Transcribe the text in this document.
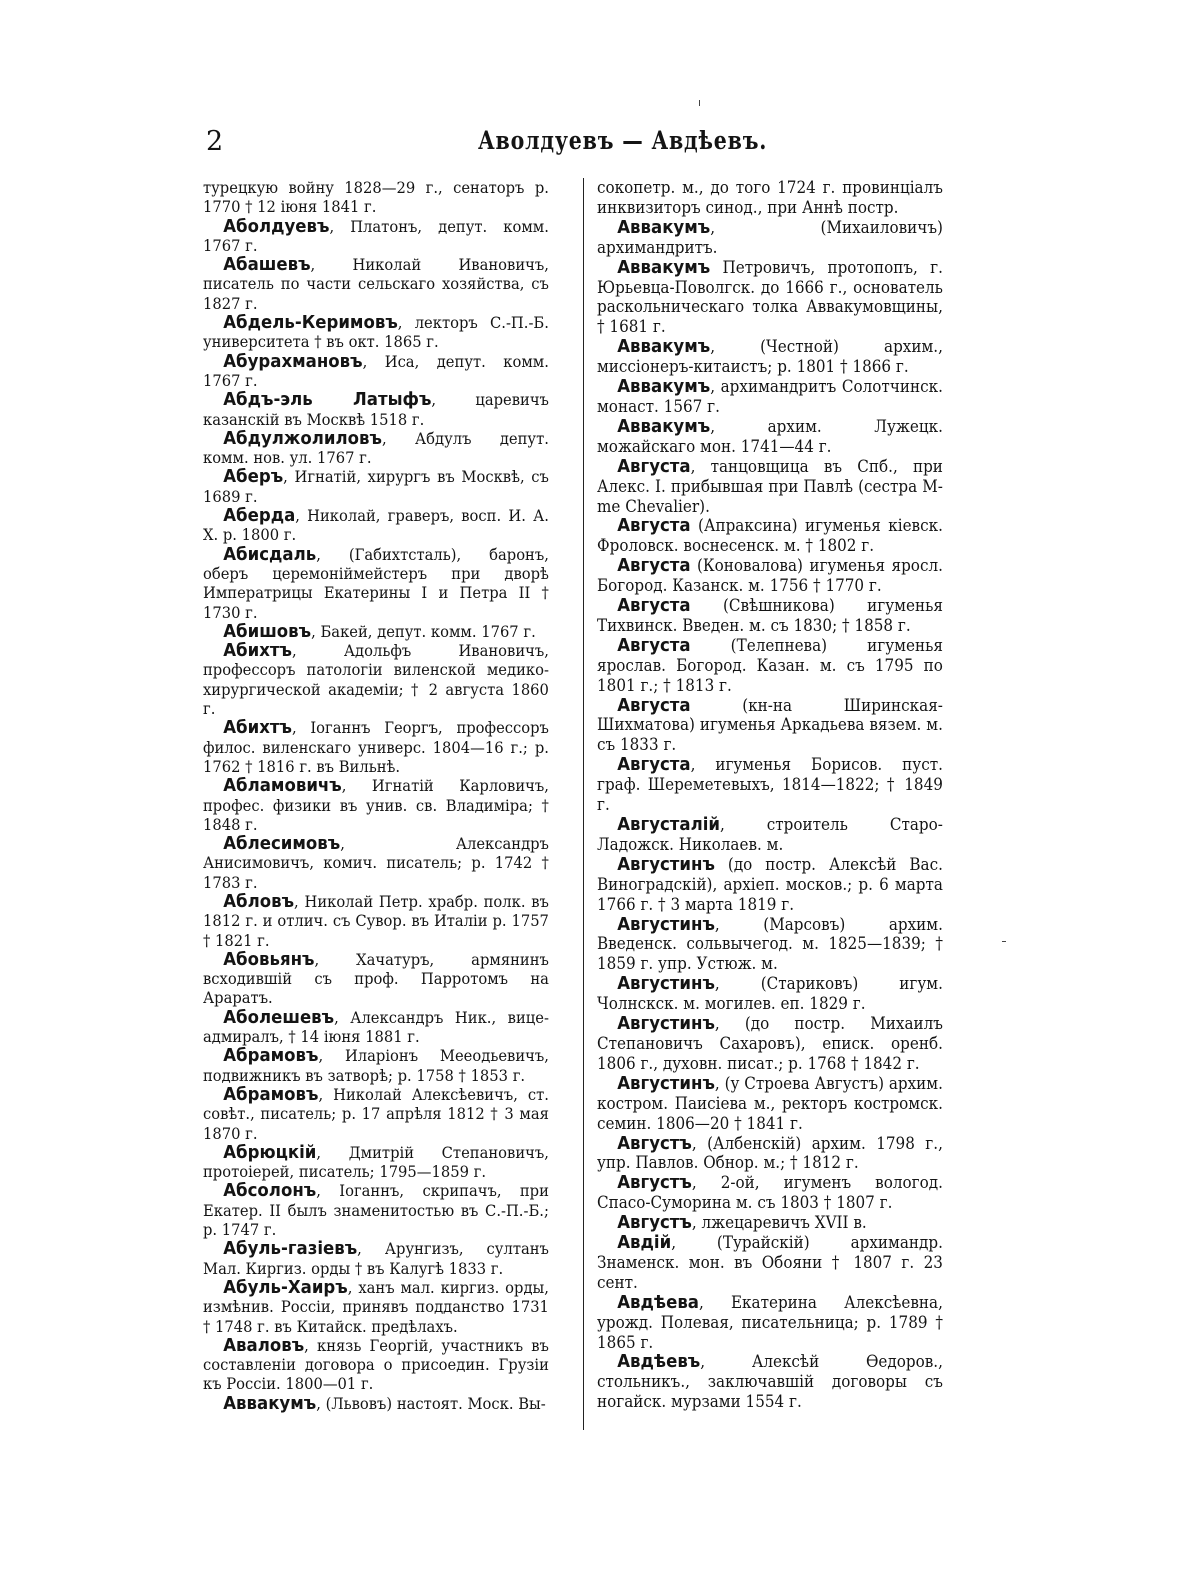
2	Аволдуевъ — Авдѣевъ.

турецкую войну 1828—29 г., сенаторъ р. 1770 † 12 іюня 1841 г.

Аболдуевъ, Платонъ, депут. комм. 1767 г.

Абашевъ, Николай Ивановичъ, писатель по части сельскаго хозяйства, съ 1827 г.

Абдель-Керимовъ, лекторъ С.-П.-Б. университета † въ окт. 1865 г.

Абурахмановъ, Иса, депут. комм. 1767 г.

Абдъ-эль Латыфъ, царевичъ казанскій въ Москвѣ 1518 г.

Абдулжолиловъ, Абдулъ депут. комм. нов. ул. 1767 г.

Аберъ, Игнатій, хирургъ въ Москвѣ, съ 1689 г.

Аберда, Николай, граверъ, восп. И. А. Х. р. 1800 г.

Абисдаль, (Габихтсталь), баронъ, оберъ церемоніймейстеръ при дворѣ Императрицы Екатерины I и Петра II † 1730 г.

Абишовъ, Бакей, депут. комм. 1767 г.

Абихтъ, Адольфъ Ивановичъ, профессоръ патологіи виленской медико-хирургической академіи; † 2 августа 1860 г.

Абихтъ, Іоганнъ Георгъ, профессоръ филос. виленскаго универс. 1804—16 г.; р. 1762 † 1816 г. въ Вильнѣ.

Абламовичъ, Игнатій Карловичъ, профес. физики въ унив. св. Владиміра; † 1848 г.

Аблесимовъ, Александръ Анисимовичъ, комич. писатель; р. 1742 † 1783 г.

Абловъ, Николай Петр. храбр. полк. въ 1812 г. и отлич. съ Сувор. въ Италіи р. 1757 † 1821 г.

Абовьянъ, Хачатуръ, армянинъ всходившій съ проф. Парротомъ на Араратъ.

Аболешевъ, Александръ Ник., вице-адмиралъ, † 14 іюня 1881 г.

Абрамовъ, Иларіонъ Мееодьевичъ, подвижникъ въ затворѣ; р. 1758 † 1853 г.

Абрамовъ, Николай Алексѣевичъ, ст. совѣт., писатель; р. 17 апрѣля 1812 † 3 мая 1870 г.

Абрюцкій, Дмитрій Степановичъ, протоіерей, писатель; 1795—1859 г.

Абсолонъ, Іоганнъ, скрипачъ, при Екатер. II былъ знаменитостью въ С.-П.-Б.; р. 1747 г.

Абуль-газіевъ, Арунгизъ, султанъ Мал. Киргиз. орды † въ Калугѣ 1833 г.

Абуль-Хаиръ, ханъ мал. киргиз. орды, измѣнив. Россіи, принявъ подданство 1731 † 1748 г. въ Китайск. предѣлахъ.

Аваловъ, князь Георгій, участникъ въ составленіи договора о присоедин. Грузіи къ Россіи. 1800—01 г.

Аввакумъ, (Львовъ) настоят. Моск. Вы-

сокопетр. м., до того 1724 г. провинціалъ инквизиторъ синод., при Аннѣ постр.

Аввакумъ, (Михаиловичъ) архимандритъ.

Аввакумъ Петровичъ, протопопъ, г. Юрьевца-Поволгск. до 1666 г., основатель раскольническаго толка Аввакумовщины, † 1681 г.

Аввакумъ, (Честной) архим., миссіонеръ-китаистъ; р. 1801 † 1866 г.

Аввакумъ, архимандритъ Солотчинск. монаст. 1567 г.

Аввакумъ, архим. Лужецк. можайскаго мон. 1741—44 г.

Августа, танцовщица въ Спб., при Алекс. I. прибывшая при Павлѣ (сестра M-me Chevalier).

Августа (Апраксина) игуменья кіевск. Фроловск. воснесенск. м. † 1802 г.

Августа (Коновалова) игуменья яросл. Богород. Казанск. м. 1756 † 1770 г.

Августа (Свѣшникова) игуменья Тихвинск. Введен. м. съ 1830; † 1858 г.

Августа (Телепнева) игуменья ярослав. Богород. Казан. м. съ 1795 по 1801 г.; † 1813 г.

Августа (кн-на Ширинская-Шихматова) игуменья Аркадьева вязем. м. съ 1833 г.

Августа, игуменья Борисов. пуст. граф. Шереметевыхъ, 1814—1822; † 1849 г.

Августалій, строитель Старо-Ладожск. Николаев. м.

Августинъ (до постр. Алексѣй Вас. Виноградскій), архіеп. москов.; р. 6 марта 1766 г. † 3 марта 1819 г.

Августинъ, (Марсовъ) архим. Введенск. сольвычегод. м. 1825—1839; † 1859 г. упр. Устюж. м.

Августинъ, (Стариковъ) игум. Чолнскск. м. могилев. еп. 1829 г.

Августинъ, (до постр. Михаилъ Степановичъ Сахаровъ), еписк. оренб. 1806 г., духовн. писат.; р. 1768 † 1842 г.

Августинъ, (у Строева Августъ) архим. костром. Паисіева м., ректоръ костромск. семин. 1806—20 † 1841 г.

Августъ, (Албенскій) архим. 1798 г., упр. Павлов. Обнор. м.; † 1812 г.

Августъ, 2-ой, игуменъ вологод. Спасо-Суморина м. съ 1803 † 1807 г.

Августъ, лжецаревичъ XVII в.

Авдій, (Турайскій) архимандр. Знаменск. мон. въ Обояни † 1807 г. 23 сент.

Авдѣева, Екатерина Алексѣевна, урожд. Полевая, писательница; р. 1789 † 1865 г.

Авдѣевъ, Алексѣй Өедоров., стольникъ., заключавшій договоры съ ногайск. мурзами 1554 г.
